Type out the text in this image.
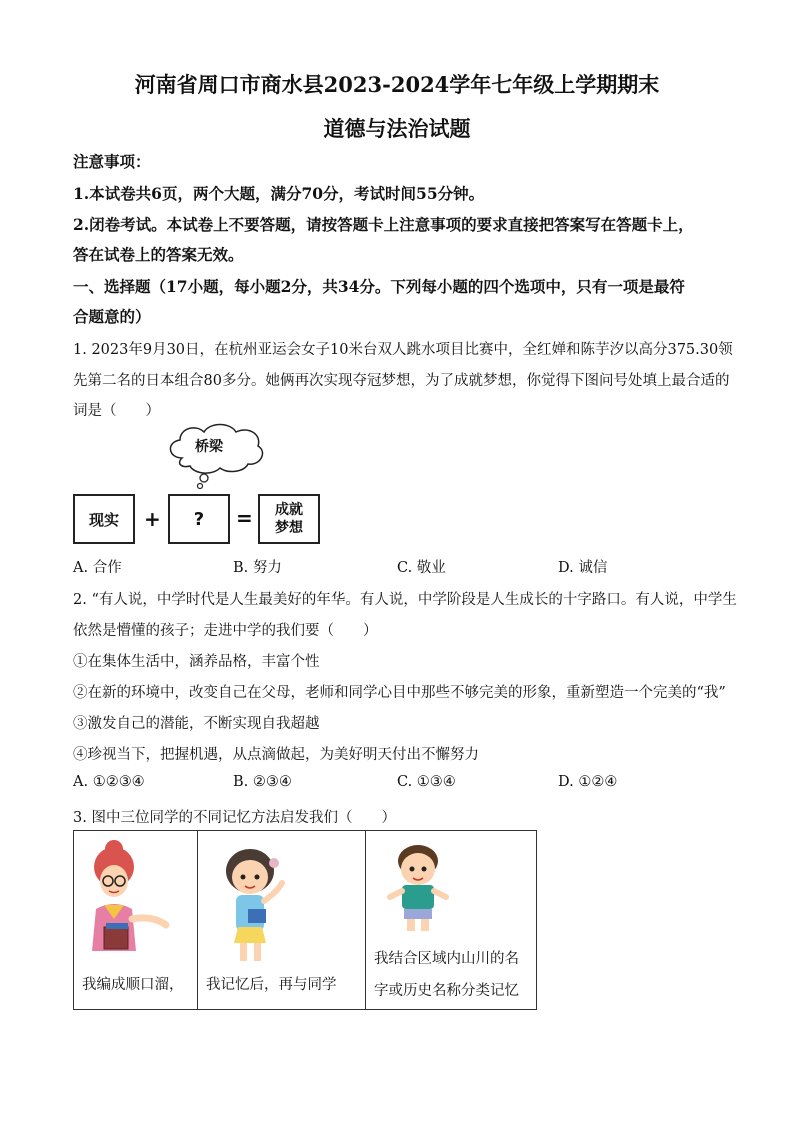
河南省周口市商水县2023-2024学年七年级上学期期末
道德与法治试题
注意事项：
1.本试卷共6页，两个大题，满分70分，考试时间55分钟。
2.闭卷考试。本试卷上不要答题，请按答题卡上注意事项的要求直接把答案写在答题卡上，
答在试卷上的答案无效。
一、选择题（17小题，每小题2分，共34分。下列每小题的四个选项中，只有一项是最符
合题意的）
1. 2023年9月30日，在杭州亚运会女子10米台双人跳水项目比赛中，全红婵和陈芋汐以高分375.30领
先第二名的日本组合80多分。她俩再次实现夺冠梦想，为了成就梦想，你觉得下图问号处填上最合适的
词是（　　）
桥梁
现实 + ? = 成就
梦想
A. 合作	B. 努力	C. 敬业	D. 诚信
2. “有人说，中学时代是人生最美好的年华。有人说，中学阶段是人生成长的十字路口。有人说，中学生
依然是懵懂的孩子；走进中学的我们要（　　）
①在集体生活中，涵养品格，丰富个性
②在新的环境中，改变自己在父母，老师和同学心目中那些不够完美的形象，重新塑造一个完美的“我”
③激发自己的潜能，不断实现自我超越
④珍视当下，把握机遇，从点滴做起，为美好明天付出不懈努力
A. ①②③④	B. ②③④	C. ①③④	D. ①②④
3. 图中三位同学的不同记忆方法启发我们（　　）
我编成顺口溜， 我记忆后，再与同学
我结合区域内山川的名
字或历史名称分类记忆
